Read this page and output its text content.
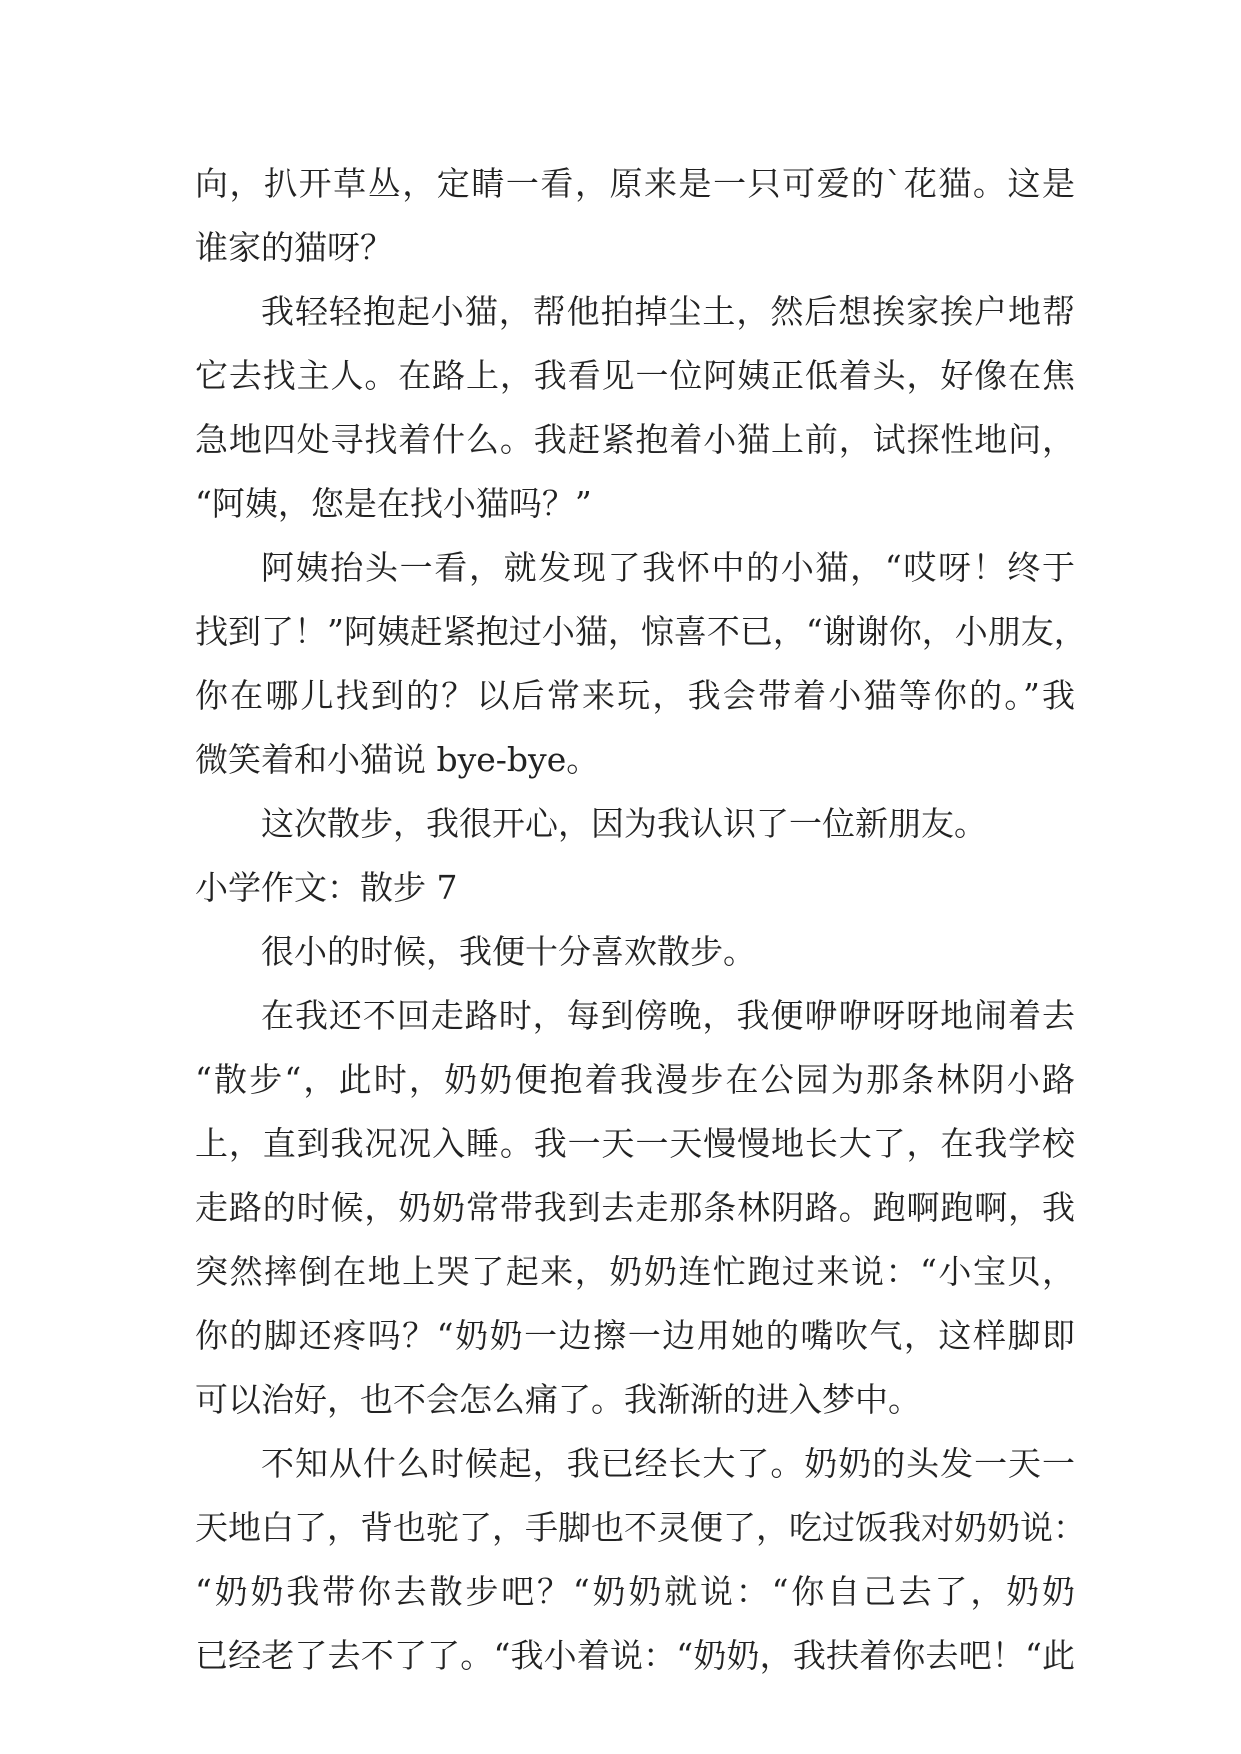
向，扒开草丛，定睛一看，原来是一只可爱的`花猫。这是
谁家的猫呀？
我轻轻抱起小猫，帮他拍掉尘土，然后想挨家挨户地帮
它去找主人。在路上，我看见一位阿姨正低着头，好像在焦
急地四处寻找着什么。我赶紧抱着小猫上前，试探性地问，
“阿姨，您是在找小猫吗？”
阿姨抬头一看，就发现了我怀中的小猫，“哎呀！终于
找到了！”阿姨赶紧抱过小猫，惊喜不已，“谢谢你，小朋友，
你在哪儿找到的？以后常来玩，我会带着小猫等你的。”我
微笑着和小猫说 bye-bye。
这次散步，我很开心，因为我认识了一位新朋友。
小学作文：散步 7
很小的时候，我便十分喜欢散步。
在我还不回走路时，每到傍晚，我便咿咿呀呀地闹着去
“散步“，此时，奶奶便抱着我漫步在公园为那条林阴小路
上，直到我况况入睡。我一天一天慢慢地长大了，在我学校
走路的时候，奶奶常带我到去走那条林阴路。跑啊跑啊，我
突然摔倒在地上哭了起来，奶奶连忙跑过来说：“小宝贝，
你的脚还疼吗？“奶奶一边擦一边用她的嘴吹气，这样脚即
可以治好，也不会怎么痛了。我渐渐的进入梦中。
不知从什么时候起，我已经长大了。奶奶的头发一天一
天地白了，背也驼了，手脚也不灵便了，吃过饭我对奶奶说：
“奶奶我带你去散步吧？“奶奶就说：“你自己去了，奶奶
已经老了去不了了。“我小着说：“奶奶，我扶着你去吧！“此
